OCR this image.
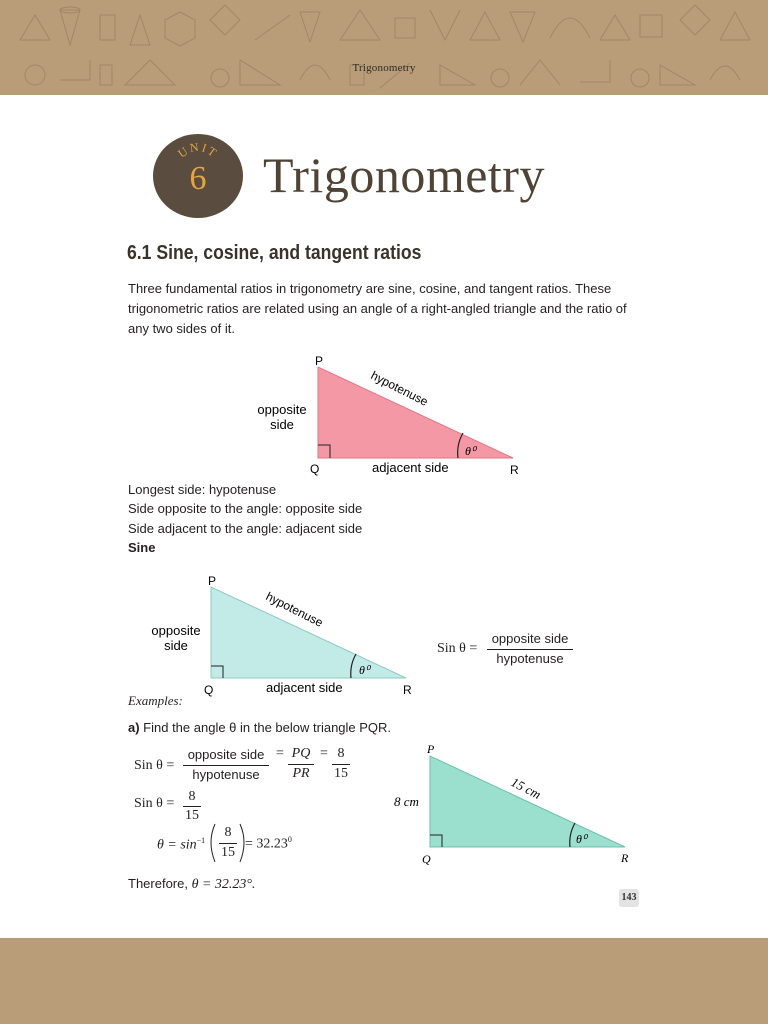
Trigonometry
UNIT
6	Trigonometry
6.1 Sine, cosine, and tangent ratios
Three fundamental ratios in trigonometry are sine, cosine, and tangent ratios. These trigonometric ratios are related using an angle of a right-angled triangle and the ratio of any two sides of it.
P
Q	R
hypotenuse
opposite
side
adjacent side
θ⁰
Longest side: hypotenuse
Side opposite to the angle: opposite side
Side adjacent to the angle: adjacent side
Sine
P
Q	R
hypotenuse
opposite
side
adjacent side
θ⁰
Sin θ =
opposite side
hypotenuse
Examples:
a) Find the angle θ in the below triangle PQR.
Sin θ =
opposite side
hypotenuse
= PQ
PR
= 8
15
Sin θ =	8
15
$\theta = \sin^{-1}$
8
15
= $32.23^0$
P
Q	R
15 cm
8 cm
θ⁰
Therefore, θ = 32.23°.
143
